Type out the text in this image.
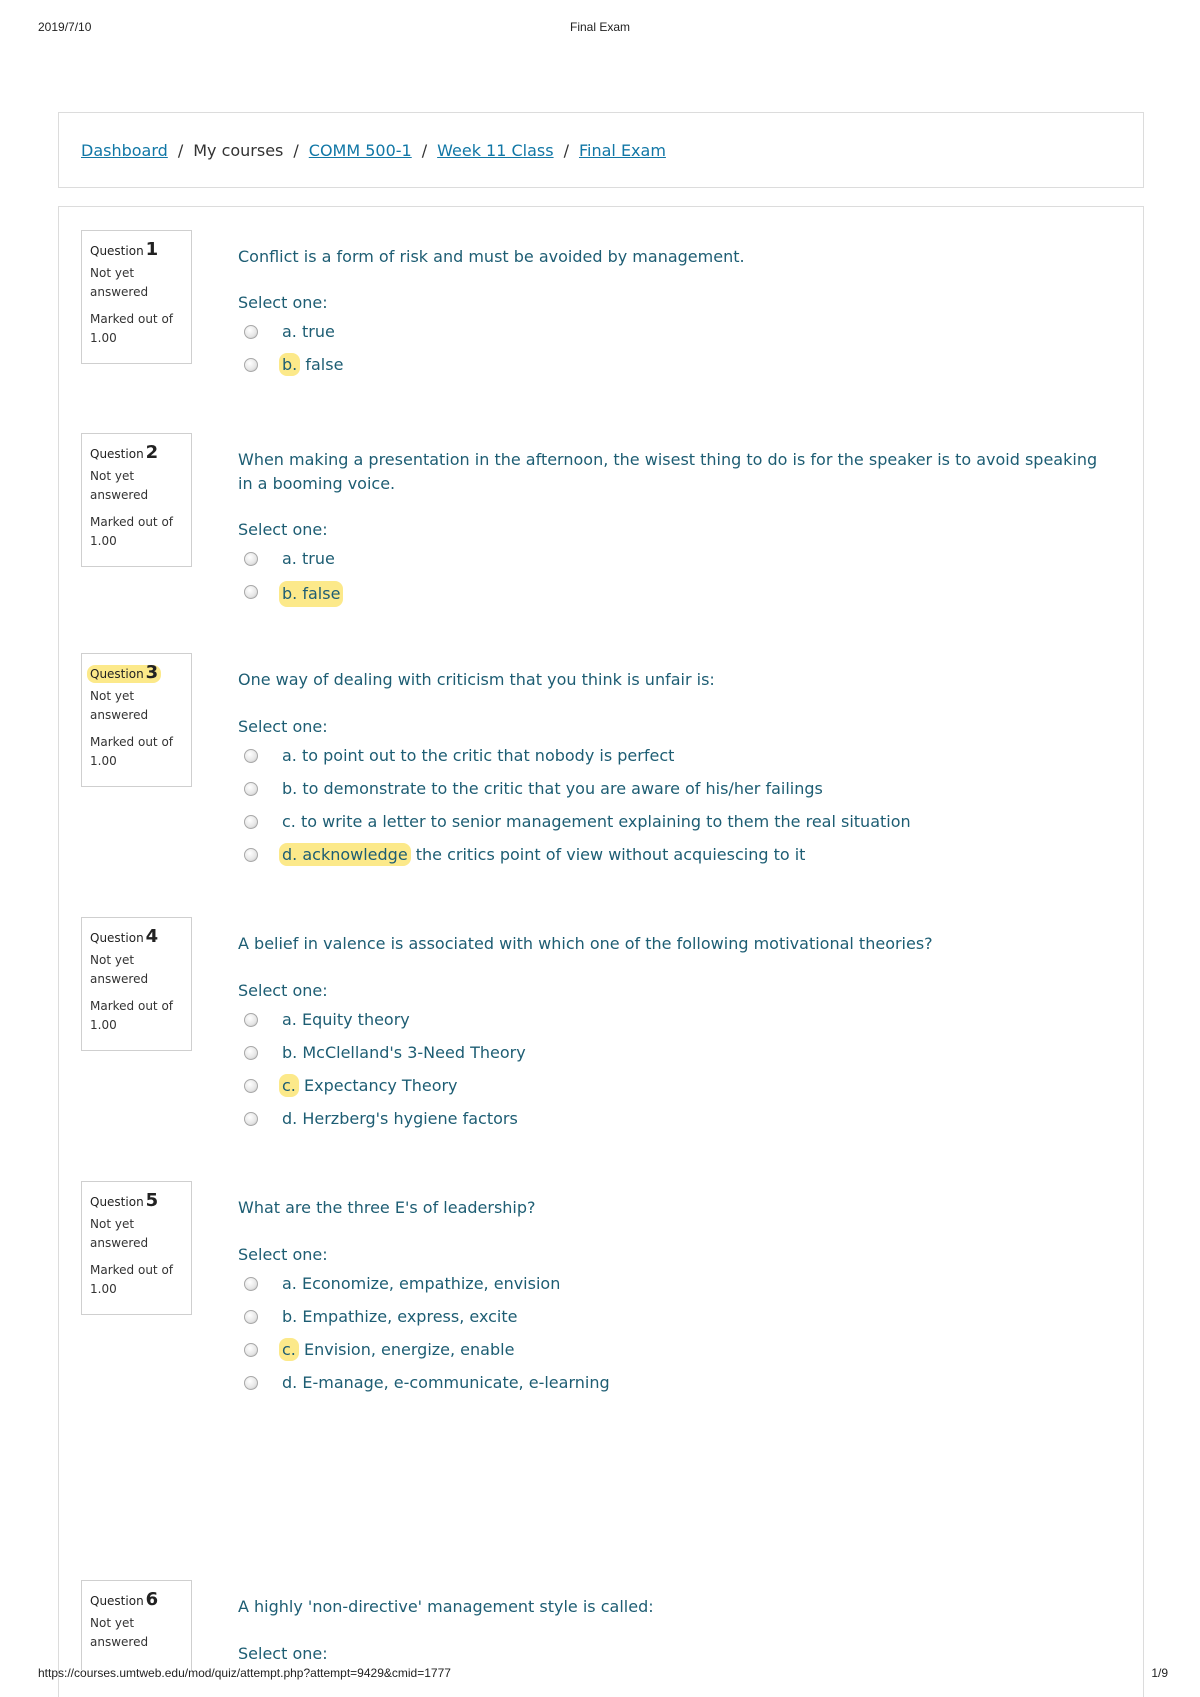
2019/7/10	Final Exam
Dashboard / My courses / COMM 500-1 / Week 11 Class / Final Exam
Question 1
Not yet answered
Marked out of 1.00
Conflict is a form of risk and must be avoided by management.
Select one:
a. true
b. false
Question 2
Not yet answered
Marked out of 1.00
When making a presentation in the afternoon, the wisest thing to do is for the speaker is to avoid speaking in a booming voice.
Select one:
a. true
b. false
Question 3
Not yet answered
Marked out of 1.00
One way of dealing with criticism that you think is unfair is:
Select one:
a. to point out to the critic that nobody is perfect
b. to demonstrate to the critic that you are aware of his/her failings
c. to write a letter to senior management explaining to them the real situation
d. acknowledge the critics point of view without acquiescing to it
Question 4
Not yet answered
Marked out of 1.00
A belief in valence is associated with which one of the following motivational theories?
Select one:
a. Equity theory
b. McClelland's 3-Need Theory
c. Expectancy Theory
d. Herzberg's hygiene factors
Question 5
Not yet answered
Marked out of 1.00
What are the three E's of leadership?
Select one:
a. Economize, empathize, envision
b. Empathize, express, excite
c. Envision, energize, enable
d. E-manage, e-communicate, e-learning
Question 6
Not yet answered
A highly 'non-directive' management style is called:
Select one:
https://courses.umtweb.edu/mod/quiz/attempt.php?attempt=9429&cmid=1777	1/9
